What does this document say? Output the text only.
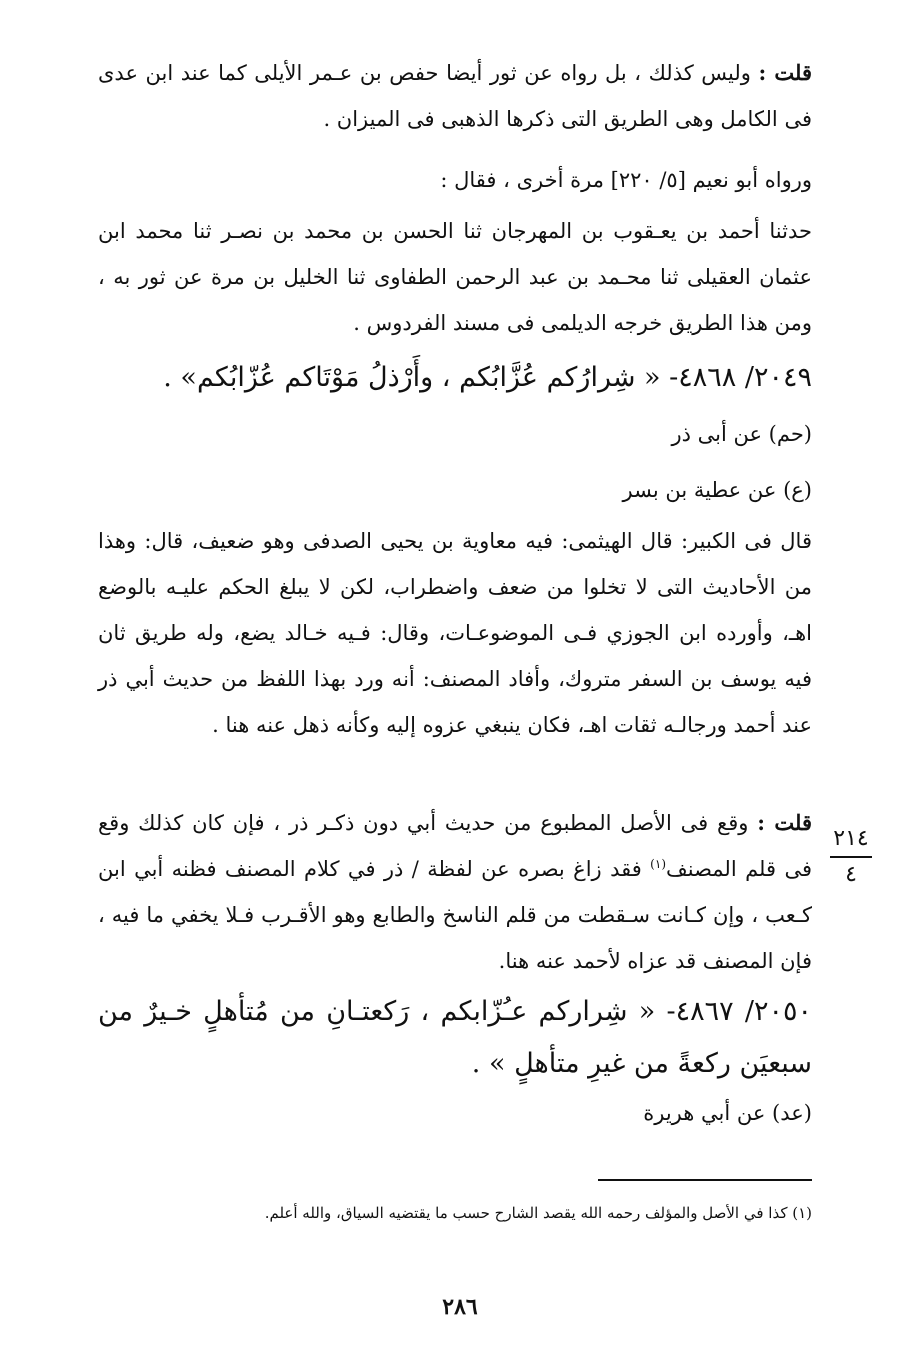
قلت : وليس كذلك ، بل رواه عن ثور أيضا حفص بن عـمر الأيلى كما عند ابن عدى فى الكامل وهى الطريق التى ذكرها الذهبى فى الميزان .

ورواه أبو نعيم [٥/ ٢٢٠] مرة أخرى ، فقال :

حدثنا أحمد بن يعـقوب بن المهرجان ثنا الحسن بن محمد بن نصـر ثنا محمد ابن عثمان العقيلى ثنا محـمد بن عبد الرحمن الطفاوى ثنا الخليل بن مرة عن ثور به ، ومن هذا الطريق خرجه الديلمى فى مسند الفردوس .

٢٠٤٩/ ٤٨٦٨- « شِرارُكم عُزَّابُكم ، وأَرْذلُ مَوْتَاكم عُزّابُكم» .

(حم) عن أبى ذر

(ع) عن عطية بن بسر

قال فى الكبير: قال الهيثمى: فيه معاوية بن يحيى الصدفى وهو ضعيف، قال: وهذا من الأحاديث التى لا تخلوا من ضعف واضطراب، لكن لا يبلغ الحكم عليـه بالوضع اهـ، وأورده ابن الجوزي فـى الموضوعـات، وقال: فـيه خـالد يضع، وله طريق ثان فيه يوسف بن السفر متروك، وأفاد المصنف: أنه ورد بهذا اللفظ من حديث أبي ذر عند أحمد ورجالـه ثقات اهـ، فكان ينبغي عزوه إليه وكأنه ذهل عنه هنا .

قلت : وقع فى الأصل المطبوع من حديث أبي دون ذكـر ذر ، فإن كان كذلك وقع فى قلم المصنف$^{(١)}$ فقد زاغ بصره عن لفظة / ذر في كلام المصنف فظنه أبي ابن كـعب ، وإن كـانت سـقطت من قلم الناسخ والطابع وهو الأقـرب فـلا يخفي ما فيه ، فإن المصنف قد عزاه لأحمد عنه هنا.

٢٠٥٠/ ٤٨٦٧- « شِراركم عـُزّابكم ، رَكعتـانِ من مُتأهلٍ خـيرٌ من سبعيَن ركعةً من غيرِ متأهلٍ » .

(عد) عن أبي هريرة

٢١٤
٤

(١) كذا في الأصل والمؤلف رحمه الله يقصد الشارح حسب ما يقتضيه السياق، والله أعلم.

٢٨٦
